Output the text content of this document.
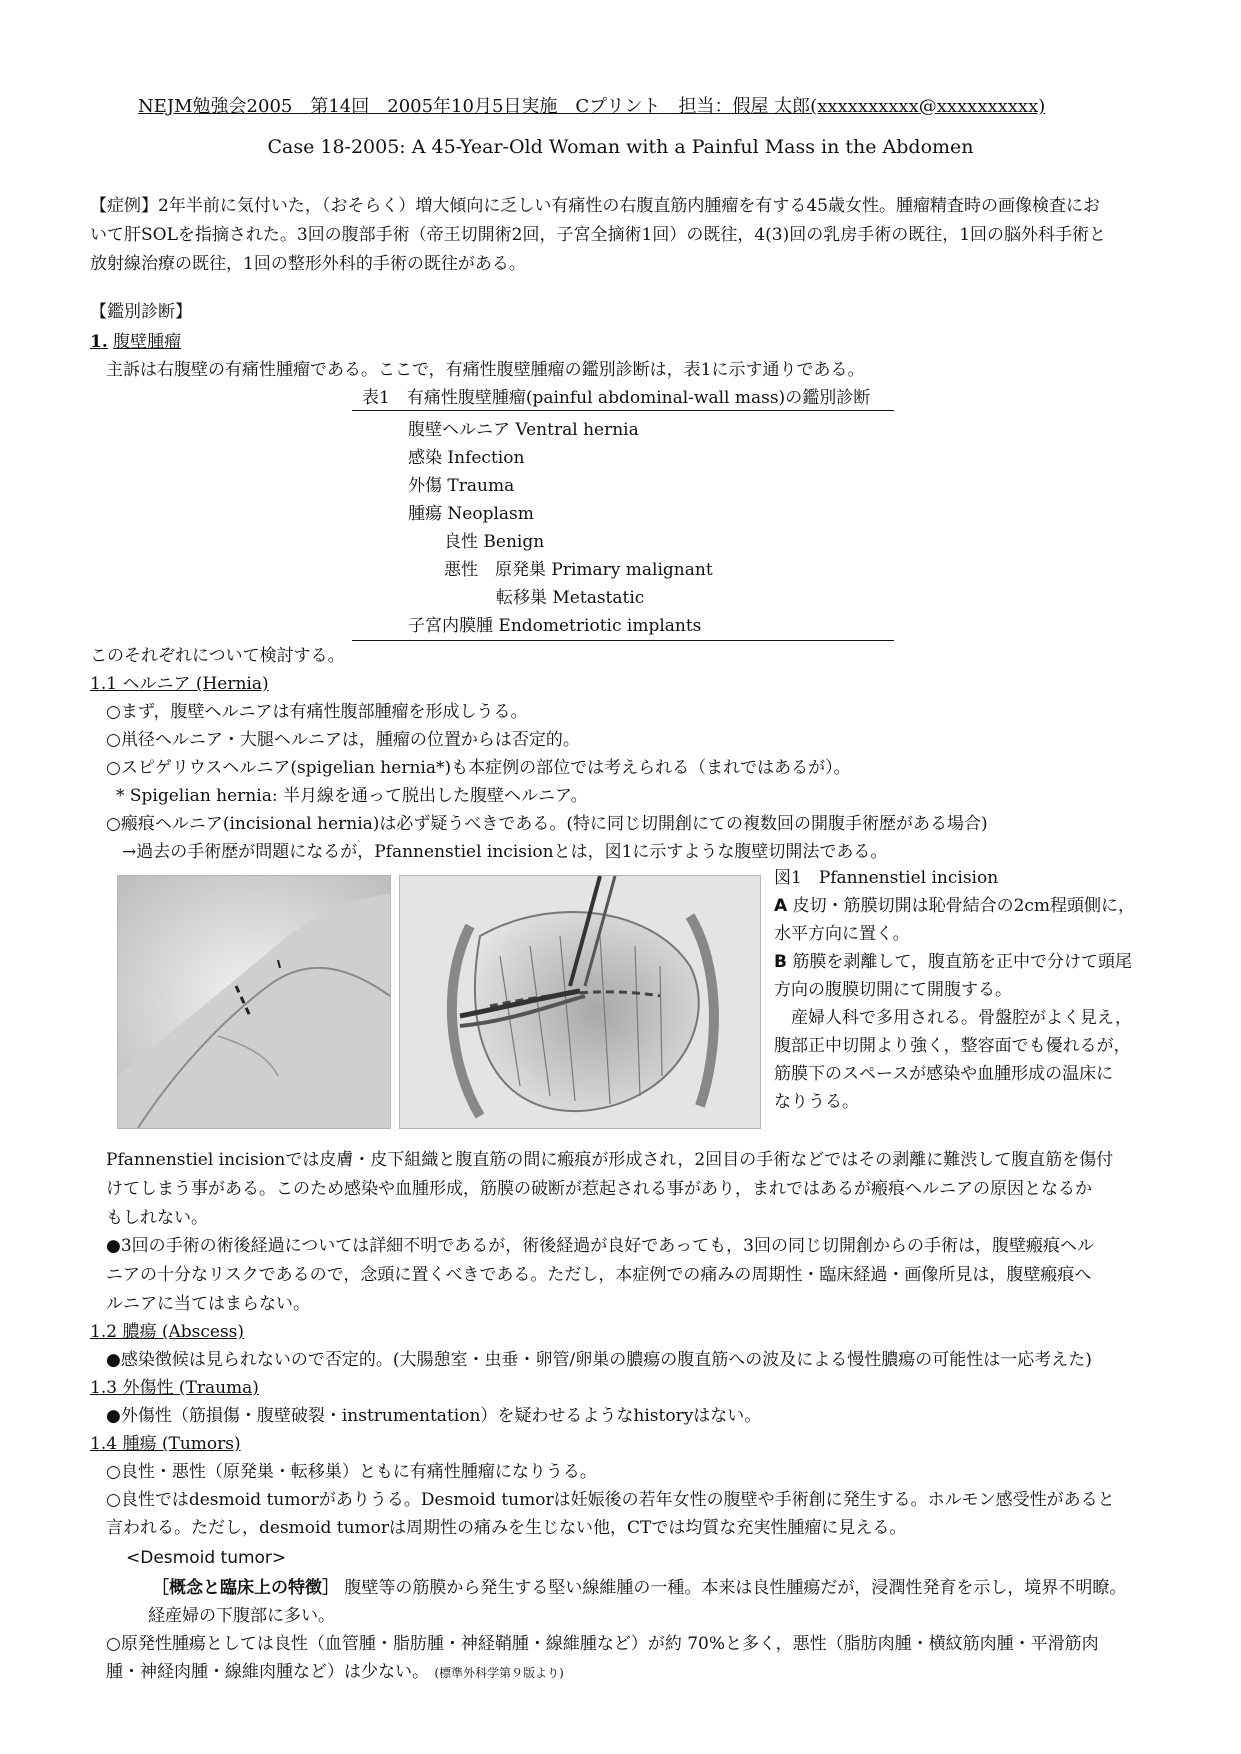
NEJM勉強会2005　第14回　2005年10月5日実施　Cプリント　担当：假屋 太郎(xxxxxxxxxx@xxxxxxxxxx)
Case 18-2005: A 45-Year-Old Woman with a Painful Mass in the Abdomen
【症例】2年半前に気付いた，（おそらく）増大傾向に乏しい有痛性の右腹直筋内腫瘤を有する45歳女性。腫瘤精査時の画像検査にお
いて肝SOLを指摘された。3回の腹部手術（帝王切開術2回，子宮全摘術1回）の既往，4(3)回の乳房手術の既往，1回の脳外科手術と
放射線治療の既往，1回の整形外科的手術の既往がある。
【鑑別診断】
1. 腹壁腫瘤
主訴は右腹壁の有痛性腫瘤である。ここで，有痛性腹壁腫瘤の鑑別診断は，表1に示す通りである。
表1　有痛性腹壁腫瘤(painful abdominal-wall mass)の鑑別診断
腹壁ヘルニア Ventral hernia
感染 Infection
外傷 Trauma
腫瘍 Neoplasm
良性 Benign
悪性　原発巣 Primary malignant
転移巣 Metastatic
子宮内膜腫 Endometriotic implants
このそれぞれについて検討する。
1.1 ヘルニア (Hernia)
○まず，腹壁ヘルニアは有痛性腹部腫瘤を形成しうる。
○鼡径ヘルニア・大腿ヘルニアは，腫瘤の位置からは否定的。
○スピゲリウスヘルニア(spigelian hernia*)も本症例の部位では考えられる（まれではあるが）。
* Spigelian hernia: 半月線を通って脱出した腹壁ヘルニア。
○瘢痕ヘルニア(incisional hernia)は必ず疑うべきである。(特に同じ切開創にての複数回の開腹手術歴がある場合)
→過去の手術歴が問題になるが，Pfannenstiel incisionとは，図1に示すような腹壁切開法である。
図1　Pfannenstiel incision
A 皮切・筋膜切開は恥骨結合の2cm程頭側に，
水平方向に置く。
B 筋膜を剥離して，腹直筋を正中で分けて頭尾
方向の腹膜切開にて開腹する。
　産婦人科で多用される。骨盤腔がよく見え，
腹部正中切開より強く，整容面でも優れるが，
筋膜下のスペースが感染や血腫形成の温床に
なりうる。
Pfannenstiel incisionでは皮膚・皮下組織と腹直筋の間に瘢痕が形成され，2回目の手術などではその剥離に難渋して腹直筋を傷付
けてしまう事がある。このため感染や血腫形成，筋膜の破断が惹起される事があり，まれではあるが瘢痕ヘルニアの原因となるか
もしれない。
●3回の手術の術後経過については詳細不明であるが，術後経過が良好であっても，3回の同じ切開創からの手術は，腹壁瘢痕ヘル
ニアの十分なリスクであるので，念頭に置くべきである。ただし，本症例での痛みの周期性・臨床経過・画像所見は，腹壁瘢痕へ
ルニアに当てはまらない。
1.2 膿瘍 (Abscess)
●感染徴候は見られないので否定的。(大腸憩室・虫垂・卵管/卵巣の膿瘍の腹直筋への波及による慢性膿瘍の可能性は一応考えた)
1.3 外傷性 (Trauma)
●外傷性（筋損傷・腹壁破裂・instrumentation）を疑わせるようなhistoryはない。
1.4 腫瘍 (Tumors)
○良性・悪性（原発巣・転移巣）ともに有痛性腫瘤になりうる。
○良性ではdesmoid tumorがありうる。Desmoid tumorは妊娠後の若年女性の腹壁や手術創に発生する。ホルモン感受性があると
言われる。ただし，desmoid tumorは周期性の痛みを生じない他，CTでは均質な充実性腫瘤に見える。
<Desmoid tumor>
［概念と臨床上の特徴］ 腹壁等の筋膜から発生する堅い線維腫の一種。本来は良性腫瘍だが，浸潤性発育を示し，境界不明瞭。
経産婦の下腹部に多い。
○原発性腫瘍としては良性（血管腫・脂肪腫・神経鞘腫・線維腫など）が約 70%と多く，悪性（脂肪肉腫・横紋筋肉腫・平滑筋肉
腫・神経肉腫・線維肉腫など）は少ない。 (標準外科学第９版より)
